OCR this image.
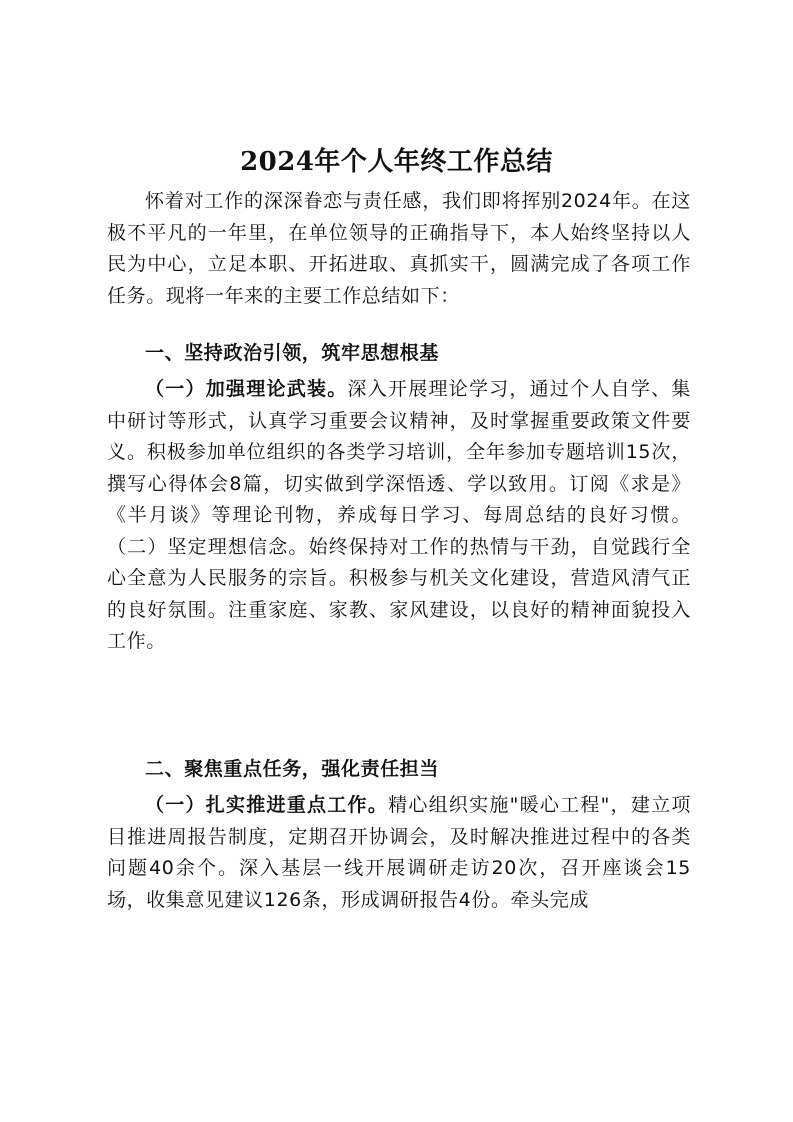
2024年个人年终工作总结

怀着对工作的深深眷恋与责任感，我们即将挥别2024年。在这极不平凡的一年里，在单位领导的正确指导下，本人始终坚持以人民为中心，立足本职、开拓进取、真抓实干，圆满完成了各项工作任务。现将一年来的主要工作总结如下：

一、坚持政治引领，筑牢思想根基

（一）加强理论武装。深入开展理论学习，通过个人自学、集中研讨等形式，认真学习重要会议精神，及时掌握重要政策文件要义。积极参加单位组织的各类学习培训，全年参加专题培训15次，撰写心得体会8篇，切实做到学深悟透、学以致用。订阅《求是》《半月谈》等理论刊物，养成每日学习、每周总结的良好习惯。（二）坚定理想信念。始终保持对工作的热情与干劲，自觉践行全心全意为人民服务的宗旨。积极参与机关文化建设，营造风清气正的良好氛围。注重家庭、家教、家风建设，以良好的精神面貌投入工作。

二、聚焦重点任务，强化责任担当

（一）扎实推进重点工作。精心组织实施"暖心工程"，建立项目推进周报告制度，定期召开协调会，及时解决推进过程中的各类问题40余个。深入基层一线开展调研走访20次，召开座谈会15场，收集意见建议126条，形成调研报告4份。牵头完成
